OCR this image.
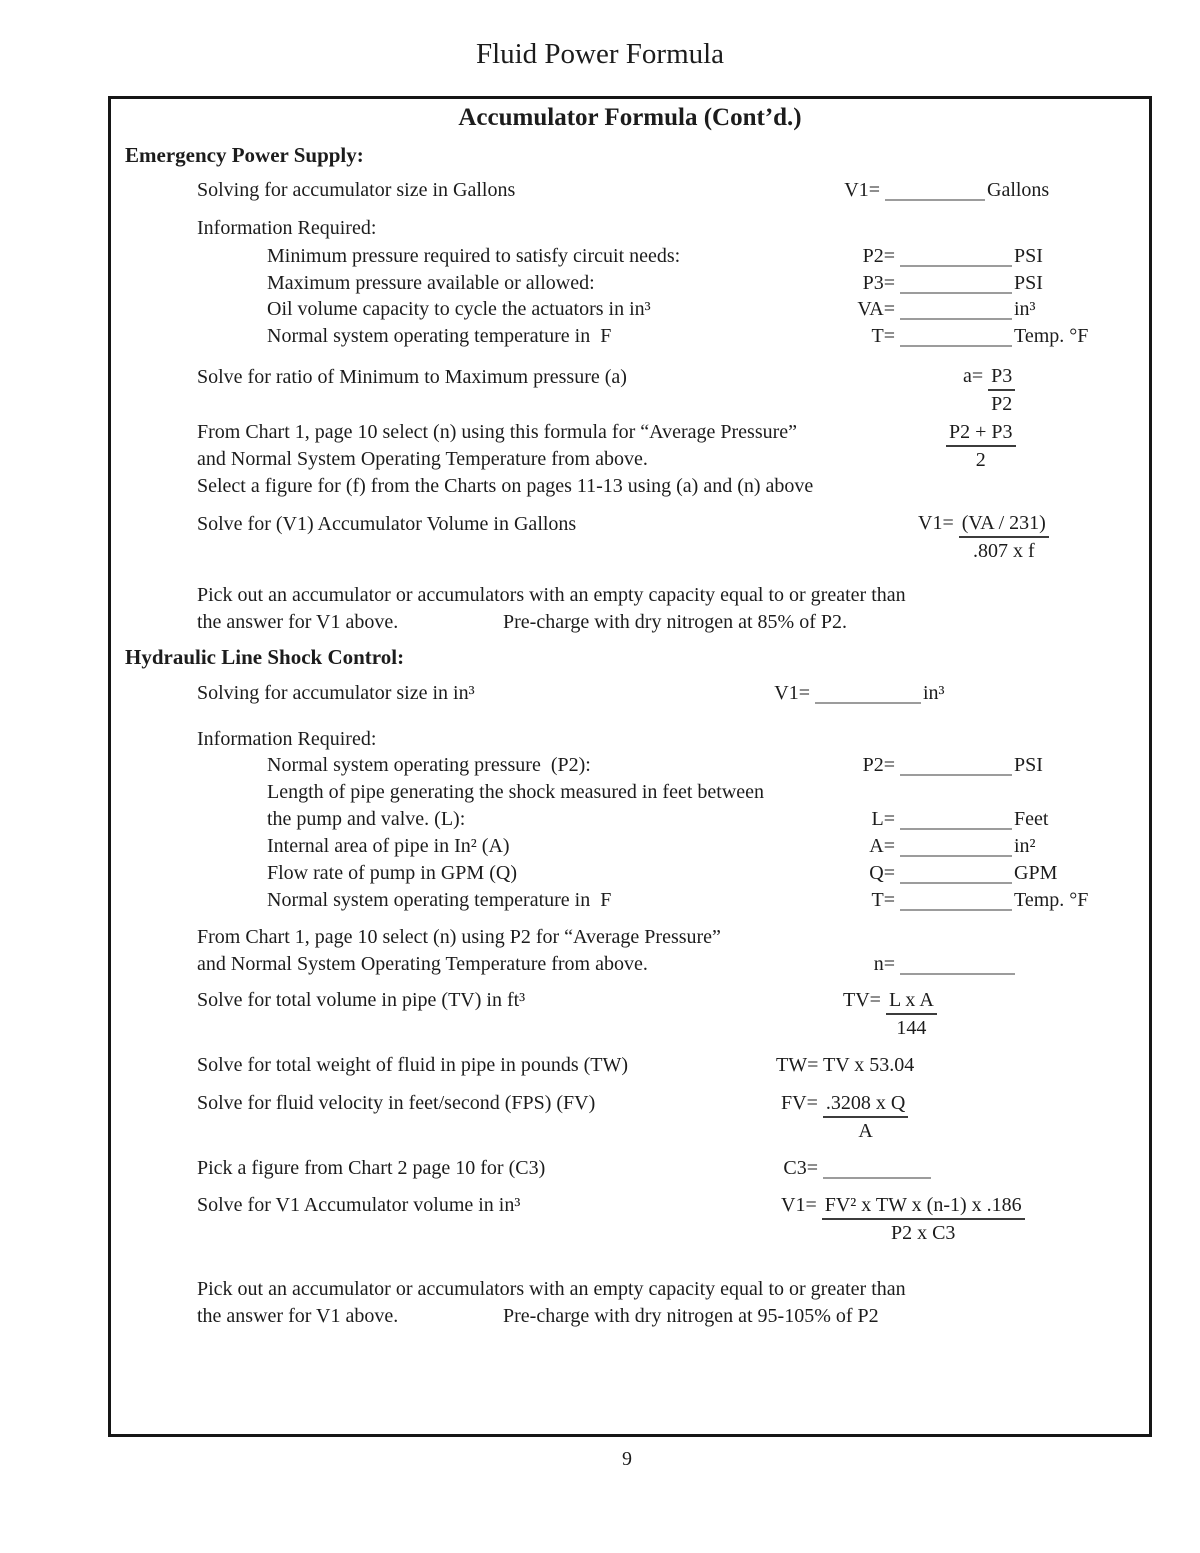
Fluid Power Formula
Accumulator Formula (Cont’d.)
Emergency Power Supply:
Solving for accumulator size in Gallons	V1=	Gallons
Information Required:
Minimum pressure required to satisfy circuit needs:	P2=	PSI
Maximum pressure available or allowed:	P3=	PSI
Oil volume capacity to cycle the actuators in in³	VA=	in³
Normal system operating temperature in  F	T=	Temp. °F
Solve for ratio of Minimum to Maximum pressure (a)	$a= \frac{P3}{P2}$
From Chart 1, page 10 select (n) using this formula for “Average Pressure”	$\frac{P2 + P3}{2}$
and Normal System Operating Temperature from above.
Select a figure for (f) from the Charts on pages 11-13 using (a) and (n) above
Solve for (V1) Accumulator Volume in Gallons	$V1= \frac{(VA / 231)}{\text{.807 x f}}$
Pick out an accumulator or accumulators with an empty capacity equal to or greater than
the answer for V1 above.	Pre-charge with dry nitrogen at 85% of P2.
Hydraulic Line Shock Control:
Solving for accumulator size in in³	V1=	in³
Information Required:
Normal system operating pressure  (P2):	P2=	PSI
Length of pipe generating the shock measured in feet between
the pump and valve. (L):	L=	Feet
Internal area of pipe in In² (A)	A=	in²
Flow rate of pump in GPM (Q)	Q=	GPM
Normal system operating temperature in  F	T=	Temp. °F
From Chart 1, page 10 select (n) using P2 for “Average Pressure”
and Normal System Operating Temperature from above.	n=
Solve for total volume in pipe (TV) in ft³	$TV= \frac{\text{L x A}}{144}$
Solve for total weight of fluid in pipe in pounds (TW)	TW= TV x 53.04
Solve for fluid velocity in feet/second (FPS) (FV)	$FV= \frac{\text{.3208 x Q}}{A}$
Pick a figure from Chart 2 page 10 for (C3)	C3=
Solve for V1 Accumulator volume in in³	$V1= \frac{\text{FV² x TW x (n-1) x .186}}{\text{P2 x C3}}$
Pick out an accumulator or accumulators with an empty capacity equal to or greater than
the answer for V1 above.	Pre-charge with dry nitrogen at 95-105% of P2
9
